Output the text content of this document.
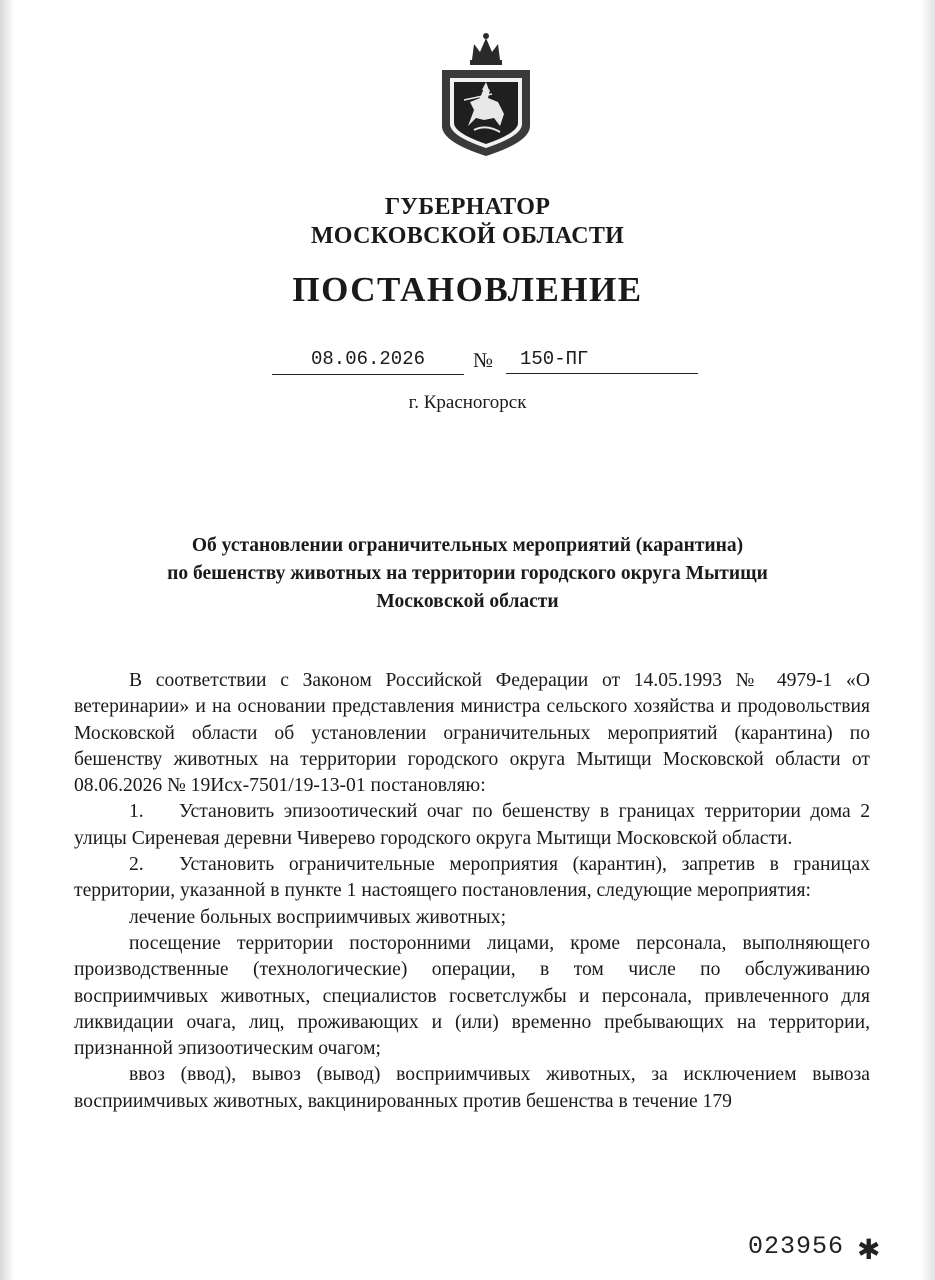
ГУБЕРНАТОР
МОСКОВСКОЙ ОБЛАСТИ
ПОСТАНОВЛЕНИЕ
08.06.2026	№	150-ПГ
г. Красногорск
Об установлении ограничительных мероприятий (карантина)
по бешенству животных на территории городского округа Мытищи
Московской области

В соответствии с Законом Российской Федерации от 14.05.1993 № 4979-1 «О ветеринарии» и на основании представления министра сельского хозяйства и продовольствия Московской области об установлении ограничительных мероприятий (карантина) по бешенству животных на территории городского округа Мытищи Московской области от 08.06.2026 № 19Исх-7501/19-13-01 постановляю:

1. Установить эпизоотический очаг по бешенству в границах территории дома 2 улицы Сиреневая деревни Чиверево городского округа Мытищи Московской области.

2. Установить ограничительные мероприятия (карантин), запретив в границах территории, указанной в пункте 1 настоящего постановления, следующие мероприятия:

лечение больных восприимчивых животных;

посещение территории посторонними лицами, кроме персонала, выполняющего производственные (технологические) операции, в том числе по обслуживанию восприимчивых животных, специалистов госветслужбы и персонала, привлеченного для ликвидации очага, лиц, проживающих и (или) временно пребывающих на территории, признанной эпизоотическим очагом;

ввоз (ввод), вывоз (вывод) восприимчивых животных, за исключением вывоза восприимчивых животных, вакцинированных против бешенства в течение 179

023956 ✱
